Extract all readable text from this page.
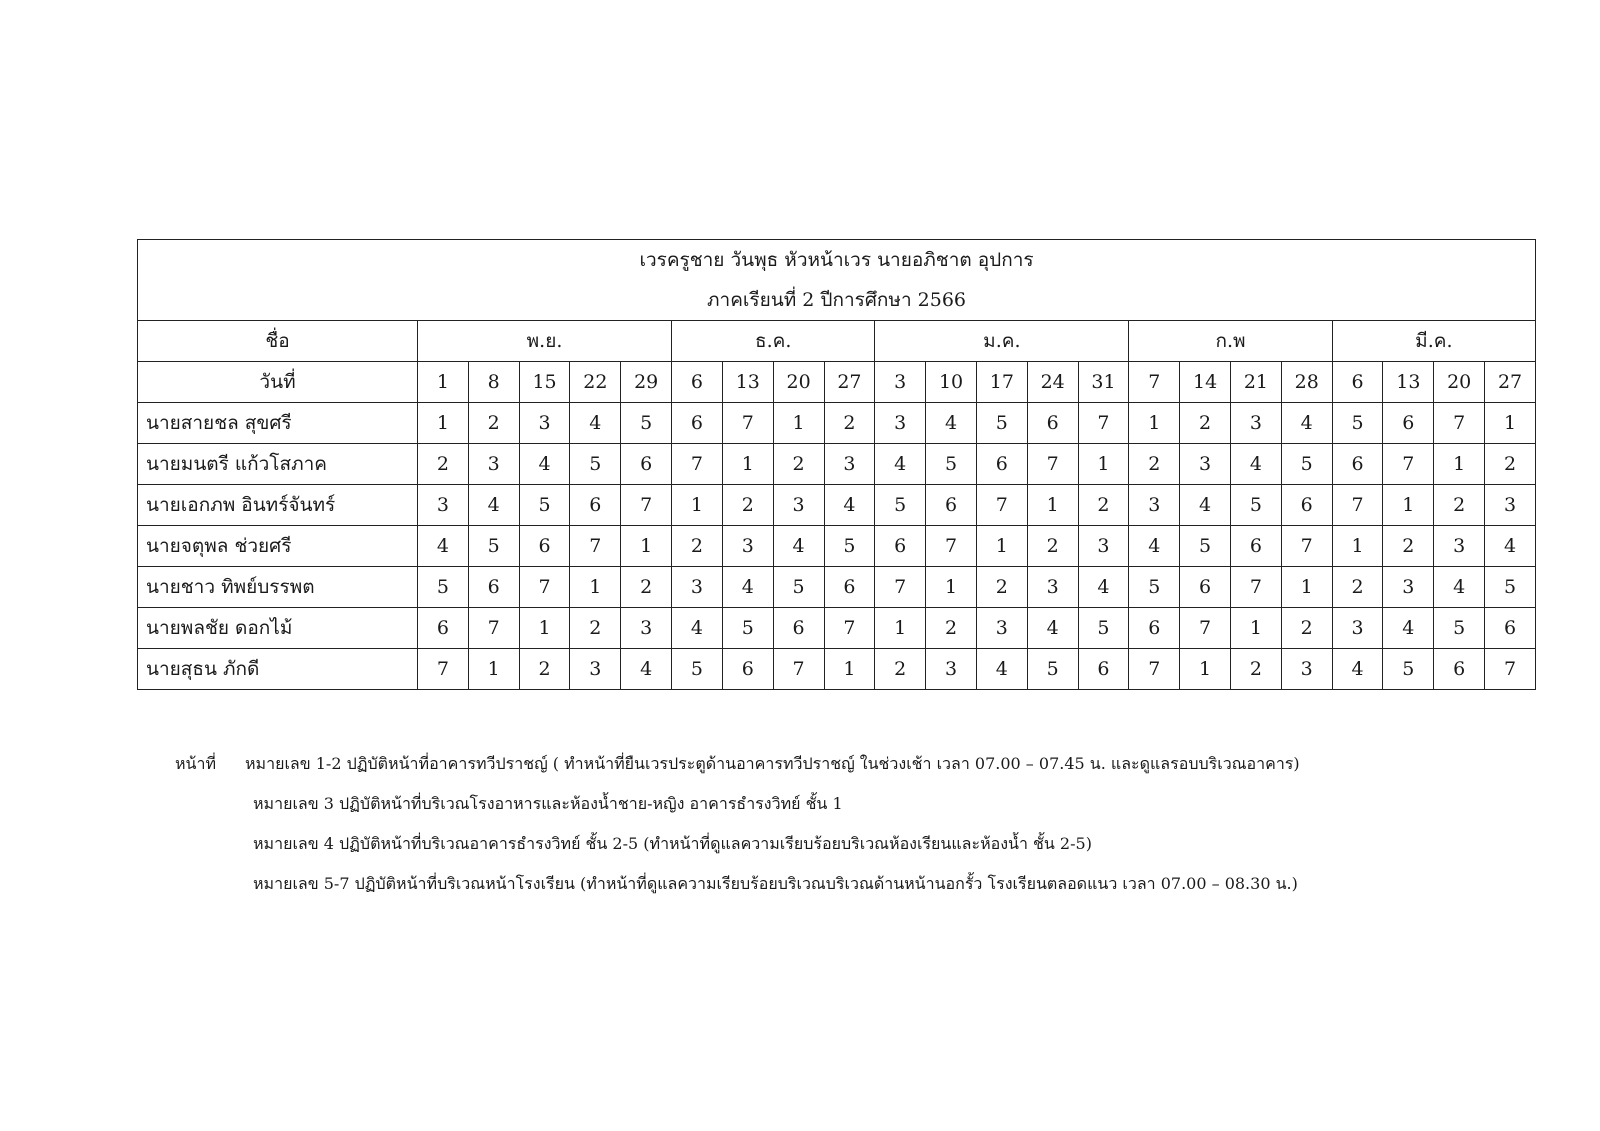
เวรครูชาย วันพุธ หัวหน้าเวร นายอภิชาต อุปการ
ภาคเรียนที่ 2 ปีการศึกษา 2566																						

ชื่อ	พ.ย.					ธ.ค.				ม.ค.					ก.พ				มี.ค.			
วันที่	1	8	15	22	29	6	13	20	27	3	10	17	24	31	7	14	21	28	6	13	20	27
นายสายชล สุขศรี	1	2	3	4	5	6	7	1	2	3	4	5	6	7	1	2	3	4	5	6	7	1
นายมนตรี แก้วโสภาค	2	3	4	5	6	7	1	2	3	4	5	6	7	1	2	3	4	5	6	7	1	2
นายเอกภพ อินทร์จันทร์	3	4	5	6	7	1	2	3	4	5	6	7	1	2	3	4	5	6	7	1	2	3
นายจตุพล ช่วยศรี	4	5	6	7	1	2	3	4	5	6	7	1	2	3	4	5	6	7	1	2	3	4
นายชาว ทิพย์บรรพต	5	6	7	1	2	3	4	5	6	7	1	2	3	4	5	6	7	1	2	3	4	5
นายพลชัย ดอกไม้	6	7	1	2	3	4	5	6	7	1	2	3	4	5	6	7	1	2	3	4	5	6
นายสุธน ภักดี	7	1	2	3	4	5	6	7	1	2	3	4	5	6	7	1	2	3	4	5	6	7
หน้าที่ หมายเลข 1-2 ปฏิบัติหน้าที่อาคารทวีปราชญ์ ( ทำหน้าที่ยืนเวรประตูด้านอาคารทวีปราชญ์ ในช่วงเช้า เวลา 07.00 – 07.45 น. และดูแลรอบบริเวณอาคาร)
หมายเลข 3 ปฏิบัติหน้าที่บริเวณโรงอาหารและห้องน้ำชาย-หญิง อาคารธำรงวิทย์ ชั้น 1
หมายเลข 4 ปฏิบัติหน้าที่บริเวณอาคารธำรงวิทย์ ชั้น 2-5 (ทำหน้าที่ดูแลความเรียบร้อยบริเวณห้องเรียนและห้องน้ำ ชั้น 2-5)
หมายเลข 5-7 ปฏิบัติหน้าที่บริเวณหน้าโรงเรียน (ทำหน้าที่ดูแลความเรียบร้อยบริเวณบริเวณด้านหน้านอกรั้ว โรงเรียนตลอดแนว เวลา 07.00 – 08.30 น.)
